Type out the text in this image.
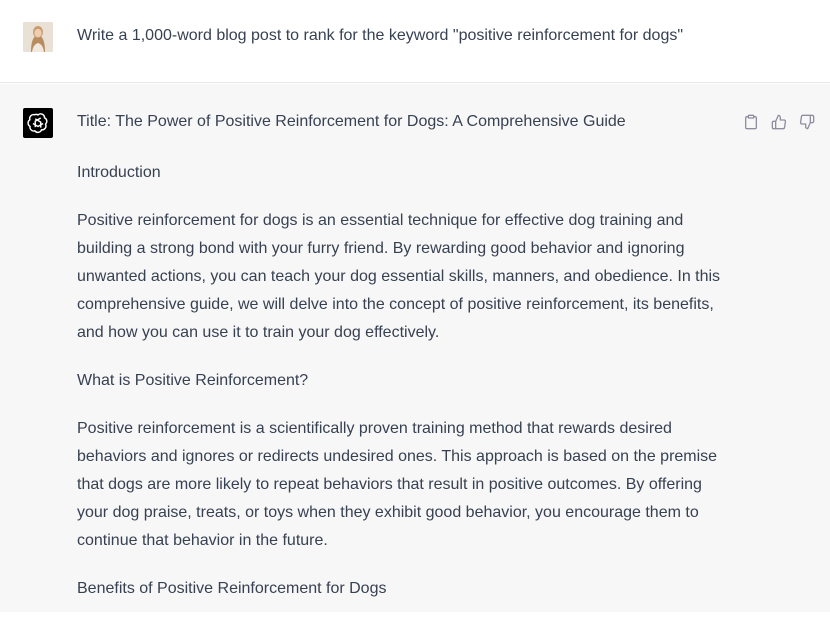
Write a 1,000-word blog post to rank for the keyword "positive reinforcement for dogs"

Title: The Power of Positive Reinforcement for Dogs: A Comprehensive Guide

Introduction

Positive reinforcement for dogs is an essential technique for effective dog training and building a strong bond with your furry friend. By rewarding good behavior and ignoring unwanted actions, you can teach your dog essential skills, manners, and obedience. In this comprehensive guide, we will delve into the concept of positive reinforcement, its benefits, and how you can use it to train your dog effectively.

What is Positive Reinforcement?

Positive reinforcement is a scientifically proven training method that rewards desired behaviors and ignores or redirects undesired ones. This approach is based on the premise that dogs are more likely to repeat behaviors that result in positive outcomes. By offering your dog praise, treats, or toys when they exhibit good behavior, you encourage them to continue that behavior in the future.

Benefits of Positive Reinforcement for Dogs
